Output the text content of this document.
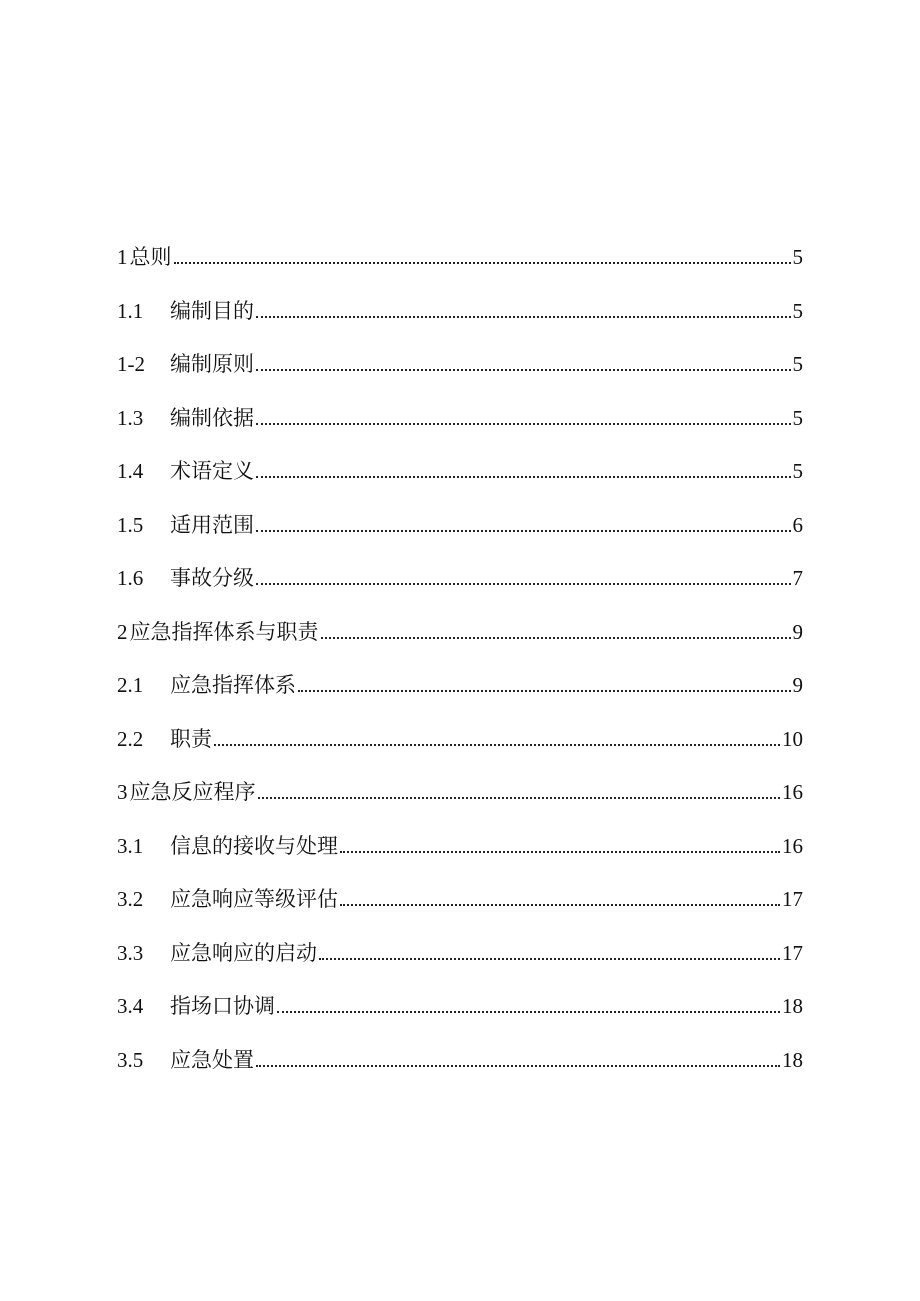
1 总则	5
1.1	编制目的	5
1-2	编制原则	5
1.3	编制依据	5
1.4	术语定义	5
1.5	适用范围	6
1.6	事故分级	7
2 应急指挥体系与职责	9
2.1	应急指挥体系	9
2.2	职责	10
3 应急反应程序	16
3.1	信息的接收与处理	16
3.2	应急响应等级评估	17
3.3	应急响应的启动	17
3.4	指场口协调	18
3.5	应急处置	18
